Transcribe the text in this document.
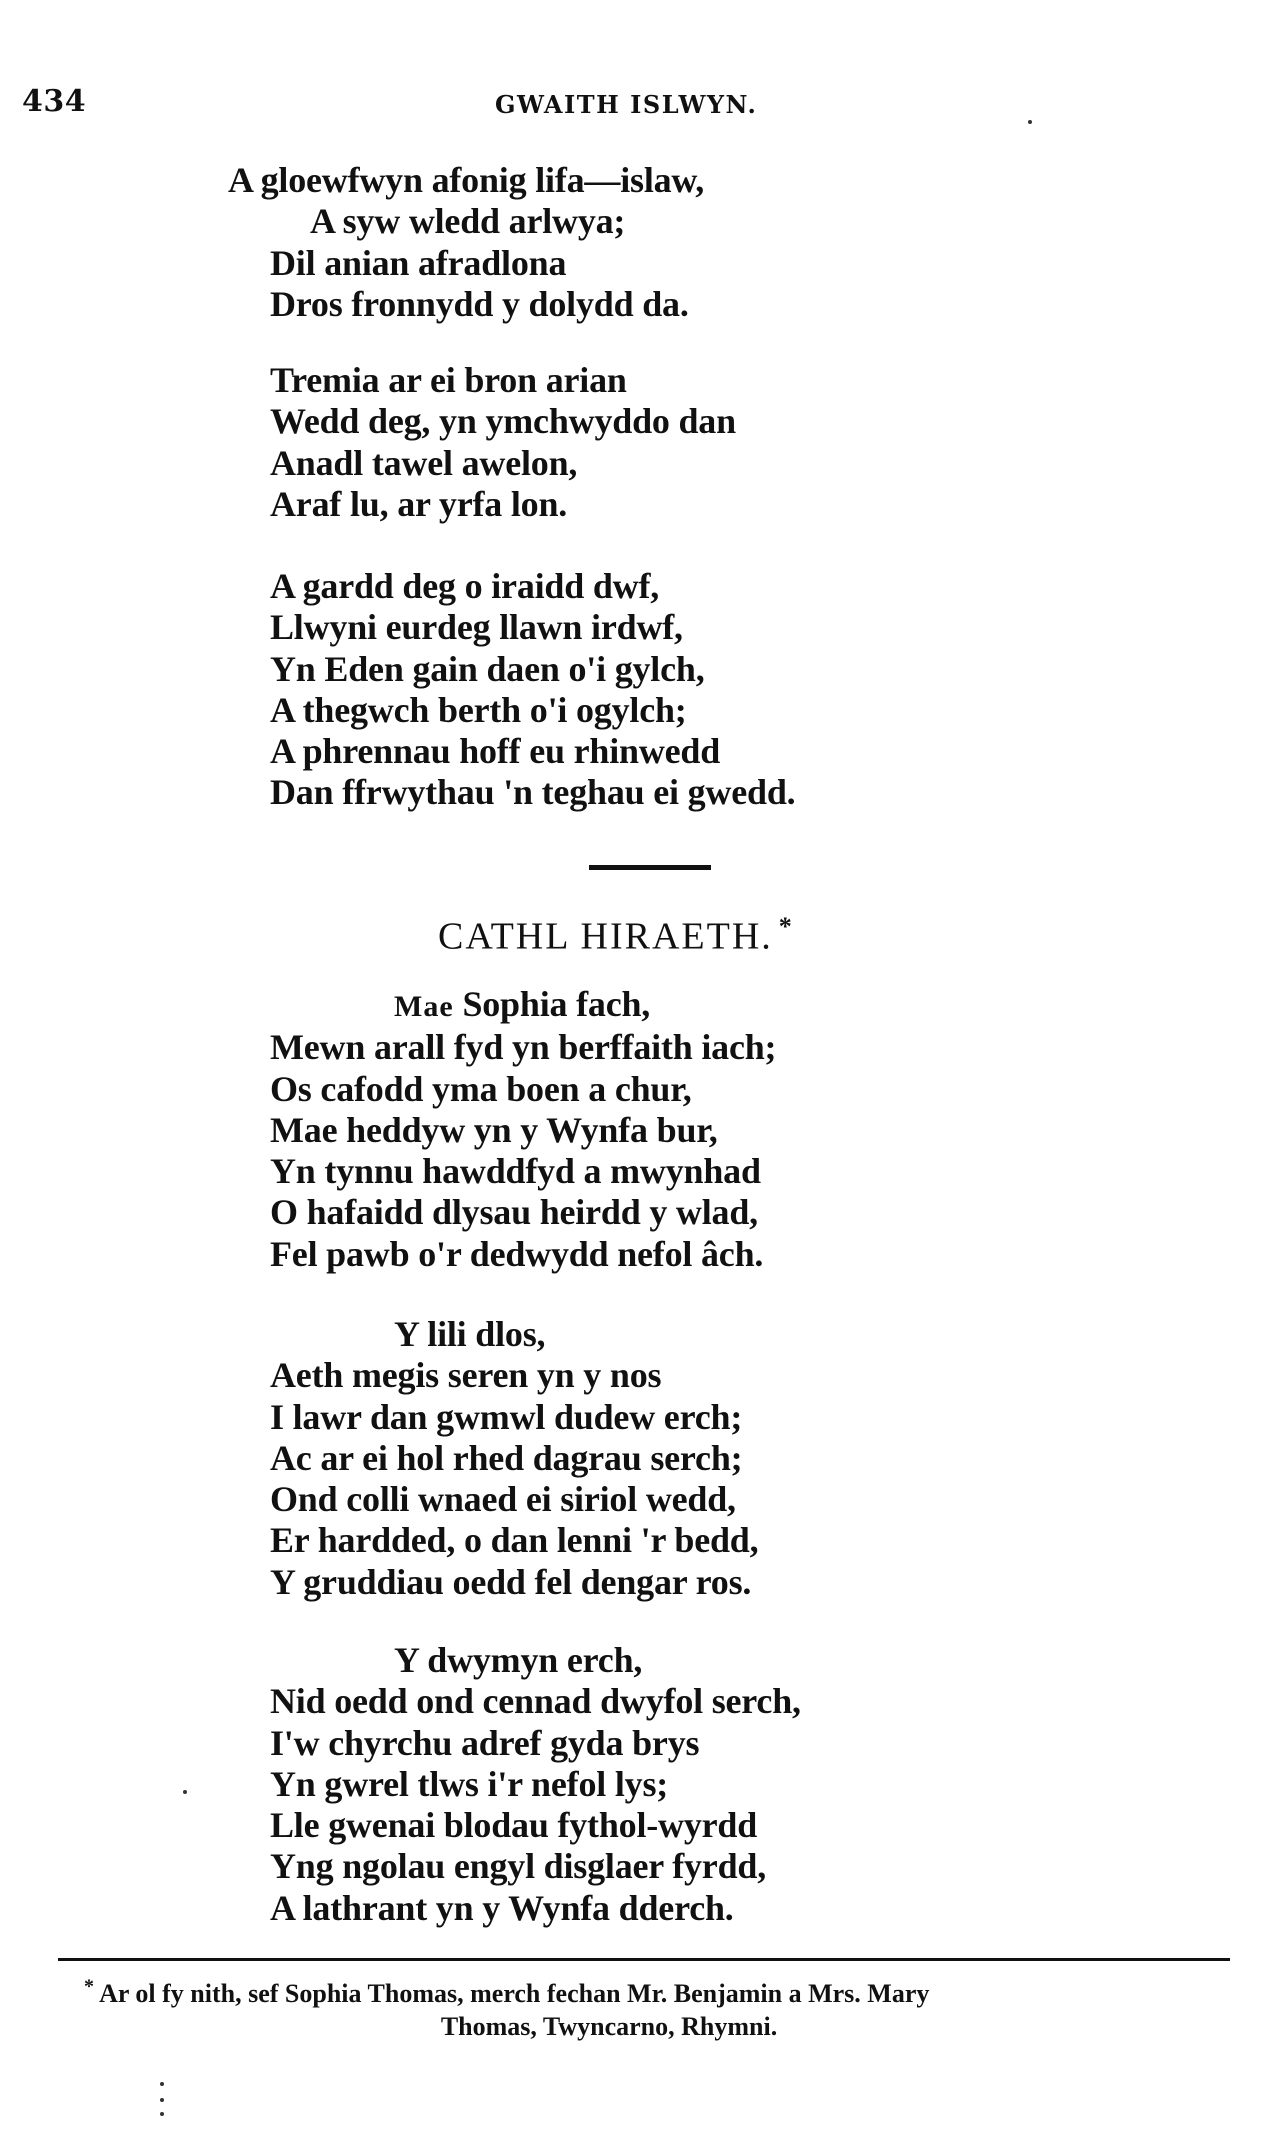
434	GWAITH ISLWYN.
A gloewfwyn afonig lifa—islaw,
A syw wledd arlwya;
Dil anian afradlona
Dros fronnydd y dolydd da.
Tremia ar ei bron arian
Wedd deg, yn ymchwyddo dan
Anadl tawel awelon,
Araf lu, ar yrfa lon.
A gardd deg o iraidd dwf,
Llwyni eurdeg llawn irdwf,
Yn Eden gain daen o'i gylch,
A thegwch berth o'i ogylch;
A phrennau hoff eu rhinwedd
Dan ffrwythau 'n teghau ei gwedd.
CATHL HIRAETH. *
Mae Sophia fach,
Mewn arall fyd yn berffaith iach;
Os cafodd yma boen a chur,
Mae heddyw yn y Wynfa bur,
Yn tynnu hawddfyd a mwynhad
O hafaidd dlysau heirdd y wlad,
Fel pawb o'r dedwydd nefol âch.
Y lili dlos,
Aeth megis seren yn y nos
I lawr dan gwmwl dudew erch;
Ac ar ei hol rhed dagrau serch;
Ond colli wnaed ei siriol wedd,
Er hardded, o dan lenni 'r bedd,
Y gruddiau oedd fel dengar ros.
Y dwymyn erch,
Nid oedd ond cennad dwyfol serch,
I'w chyrchu adref gyda brys
Yn gwrel tlws i'r nefol lys;
Lle gwenai blodau fythol-wyrdd
Yng ngolau engyl disglaer fyrdd,
A lathrant yn y Wynfa dderch.
* Ar ol fy nith, sef Sophia Thomas, merch fechan Mr. Benjamin a Mrs. Mary
Thomas, Twyncarno, Rhymni.
